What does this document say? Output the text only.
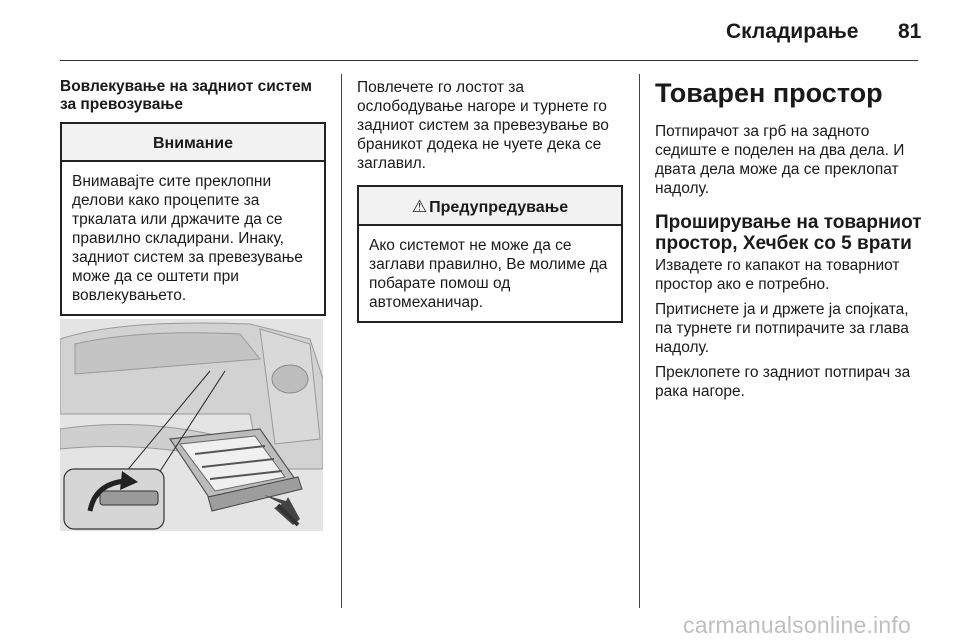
Складирање 81

Вовлекување на задниот систем за превозување

Внимание
Внимавајте сите преклопни делови како процепите за тркалата или држачите да се правилно складирани. Инаку, задниот систем за превезување може да се оштети при вовлекувањето.

Повлечете го лостот за ослободување нагоре и турнете го задниот систем за превезување во браникот додека не чуете дека се заглавил.

⚠ Предупредување
Ако системот не може да се заглави правилно, Ве молиме да побарате помош од автомеханичар.
Товарен простор

Потпирачот за грб на задното седиште е поделен на два дела. И двата дела може да се преклопат надолу.

Проширување на товарниот простор, Хечбек со 5 врати

Извадете го капакот на товарниот простор ако е потребно.

Притиснете ја и држете ја спојката, па турнете ги потпирачите за глава надолу.

Преклопете го задниот потпирач за рака нагоре.

carmanualsonline.info
